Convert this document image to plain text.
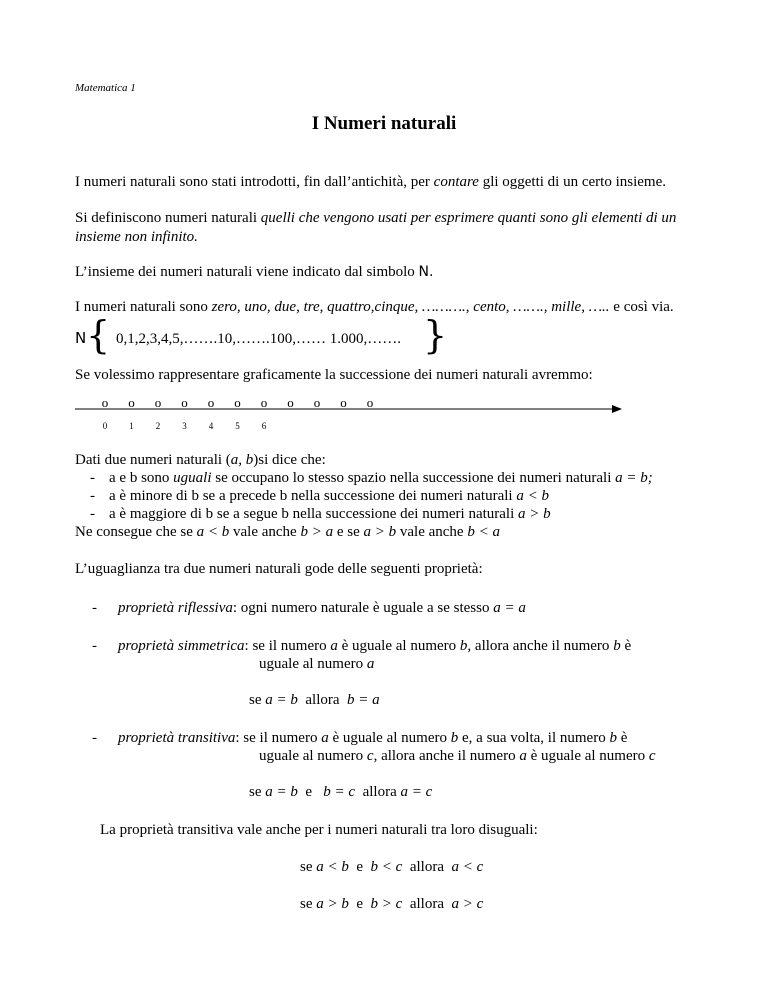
Matematica 1
I Numeri naturali
I numeri naturali sono stati introdotti, fin dall’antichità, per contare gli oggetti di un certo insieme.
Si definiscono numeri naturali quelli che vengono usati per esprimere quanti sono gli elementi di un
insieme non infinito.
L’insieme dei numeri naturali viene indicato dal simbolo N.
I numeri naturali sono zero, uno, due, tre, quattro,cinque, ………., cento, ……., mille, ….. e così via.
N { 0,1,2,3,4,5,…….10,…….100,…… 1.000,……. }
Se volessimo rappresentare graficamente la successione dei numeri naturali avremmo:
o o o o o o o o o o o
0 1 2 3 4 5 6
Dati due numeri naturali (a, b)si dice che:
- a e b sono uguali se occupano lo stesso spazio nella successione dei numeri naturali a = b;
- a è minore di b se a precede b nella successione dei numeri naturali a < b
- a è maggiore di b se a segue b nella successione dei numeri naturali a > b
Ne consegue che se a < b vale anche b > a e se a > b vale anche b < a
L’uguaglianza tra due numeri naturali gode delle seguenti proprietà:
- proprietà riflessiva: ogni numero naturale è uguale a se stesso a = a
- proprietà simmetrica: se il numero a è uguale al numero b, allora anche il numero b è
uguale al numero a
se a = b  allora  b = a
- proprietà transitiva: se il numero a è uguale al numero b e, a sua volta, il numero b è
uguale al numero c, allora anche il numero a è uguale al numero c
se a = b  e   b = c  allora a = c
La proprietà transitiva vale anche per i numeri naturali tra loro disuguali:
se a < b  e  b < c  allora  a < c
se a > b  e  b > c  allora  a > c
